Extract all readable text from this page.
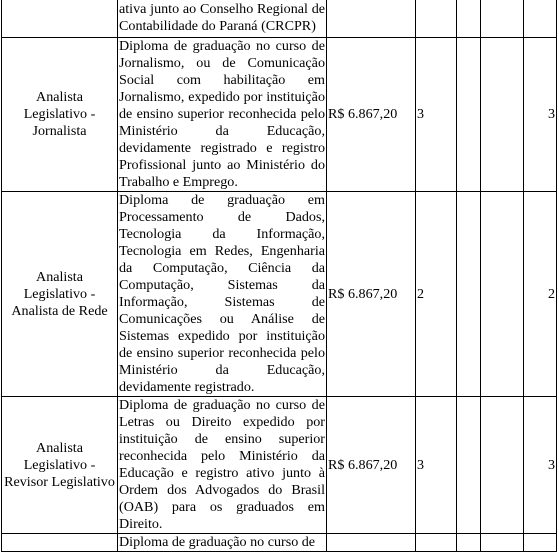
	ativa junto ao Conselho Regional de Contabilidade do Paraná (CRCPR)					

Analista Legislativo - Jornalista	Diploma de graduação no curso de Jornalismo, ou de Comunicação Social com habilitação em Jornalismo, expedido por instituição de ensino superior reconhecida pelo Ministério da Educação, devidamente registrado e registro Profissional junto ao Ministério do Trabalho e Emprego.	R$ 6.867,20	3			3
Analista Legislativo - Analista de Rede	Diploma de graduação em Processamento de Dados, Tecnologia da Informação, Tecnologia em Redes, Engenharia da Computação, Ciência da Computação, Sistemas da Informação, Sistemas de Comunicações ou Análise de Sistemas expedido por instituição de ensino superior reconhecida pelo Ministério da Educação, devidamente registrado.	R$ 6.867,20	2			2
Analista Legislativo - Revisor Legislativo	Diploma de graduação no curso de Letras ou Direito expedido por instituição de ensino superior reconhecida pelo Ministério da Educação e registro ativo junto à Ordem dos Advogados do Brasil (OAB) para os graduados em Direito.	R$ 6.867,20	3			3

	Diploma de graduação no curso de					
